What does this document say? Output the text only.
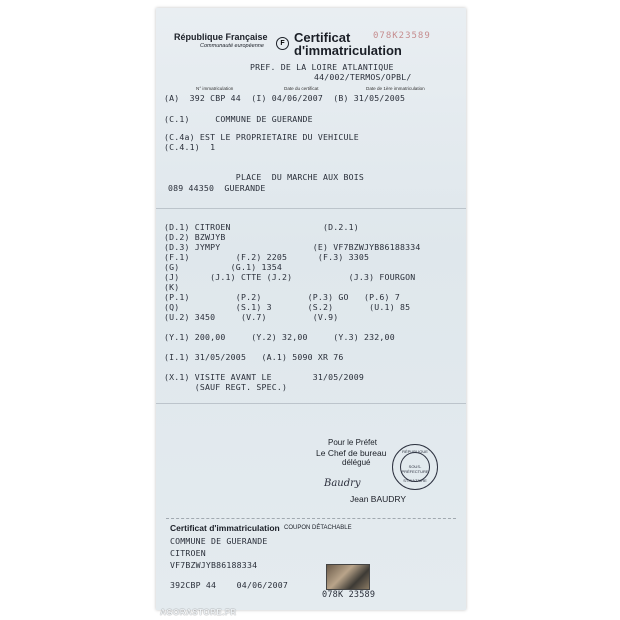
République Française
Communauté européenne	F Certificat
d'immatriculation
078K23589
PREF. DE LA LOIRE ATLANTIQUE
44/002/TERMOS/OPBL/
N° immatriculation	Date du certificat	Date de 1ère immatriculation
(A)  392 CBP 44  (I) 04/06/2007  (B) 31/05/2005
(C.1)     COMMUNE DE GUERANDE
(C.4a) EST LE PROPRIETAIRE DU VEHICULE
(C.4.1)  1
PLACE  DU MARCHE AUX BOIS
089 44350  GUERANDE
(D.1) CITROEN                  (D.2.1)
(D.2) BZWJYB
(D.3) JYMPY                  (E) VF7BZWJYB86188334
(F.1)         (F.2) 2205      (F.3) 3305
(G)          (G.1) 1354
(J)      (J.1) CTTE (J.2)           (J.3) FOURGON
(K)
(P.1)         (P.2)         (P.3) GO   (P.6) 7
(Q)           (S.1) 3       (S.2)       (U.1) 85
(U.2) 3450     (V.7)         (V.9)
(Y.1) 200,00     (Y.2) 32,00     (Y.3) 232,00
(I.1) 31/05/2005   (A.1) 5090 XR 76
(X.1) VISITE AVANT LE        31/05/2009
(SAUF REGT. SPEC.)
Pour le Préfet
Le Chef de bureau
délégué
Baudry
Jean BAUDRY
RÉPUBLIQUE
SOUS-PRÉFECTURE
ST-NAZAIRE
Certificat d'immatriculation COUPON DÉTACHABLE
COMMUNE DE GUERANDE
CITROEN
VF7BZWJYB86188334
392CBP 44    04/06/2007
078K 23589
AGORASTORE.FR
